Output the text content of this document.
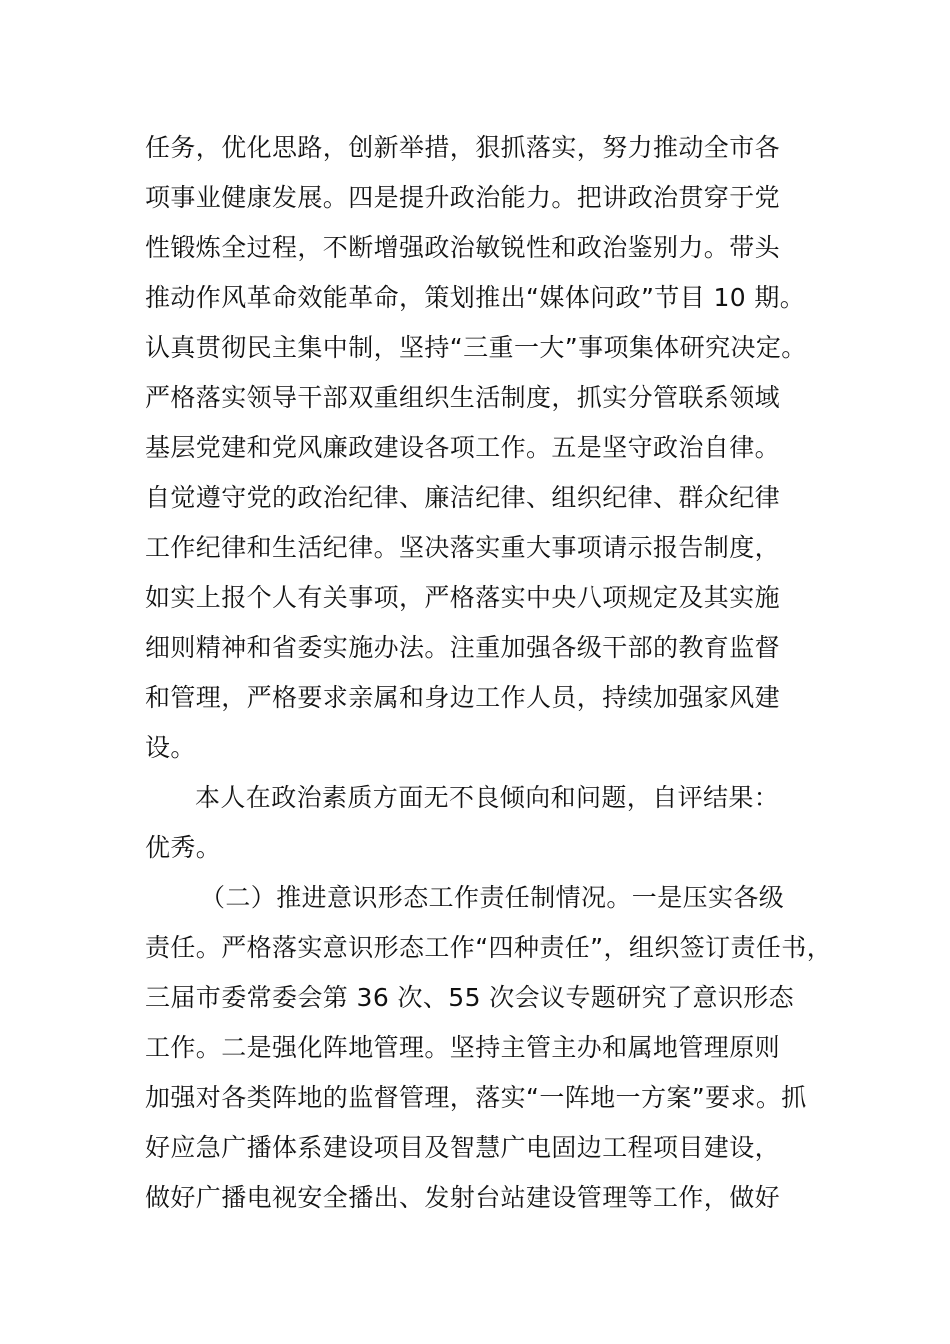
任务，优化思路，创新举措，狠抓落实，努力推动全市各
项事业健康发展。四是提升政治能力。把讲政治贯穿于党
性锻炼全过程，不断增强政治敏锐性和政治鉴别力。带头
推动作风革命效能革命，策划推出“媒体问政”节目 10 期。
认真贯彻民主集中制，坚持“三重一大”事项集体研究决定。
严格落实领导干部双重组织生活制度，抓实分管联系领域
基层党建和党风廉政建设各项工作。五是坚守政治自律。
自觉遵守党的政治纪律、廉洁纪律、组织纪律、群众纪律
工作纪律和生活纪律。坚决落实重大事项请示报告制度，
如实上报个人有关事项，严格落实中央八项规定及其实施
细则精神和省委实施办法。注重加强各级干部的教育监督
和管理，严格要求亲属和身边工作人员，持续加强家风建
设。
本人在政治素质方面无不良倾向和问题，自评结果：
优秀。
（二）推进意识形态工作责任制情况。一是压实各级
责任。严格落实意识形态工作“四种责任”，组织签订责任书，
三届市委常委会第 36 次、55 次会议专题研究了意识形态
工作。二是强化阵地管理。坚持主管主办和属地管理原则
加强对各类阵地的监督管理，落实“一阵地一方案”要求。抓
好应急广播体系建设项目及智慧广电固边工程项目建设，
做好广播电视安全播出、发射台站建设管理等工作，做好
